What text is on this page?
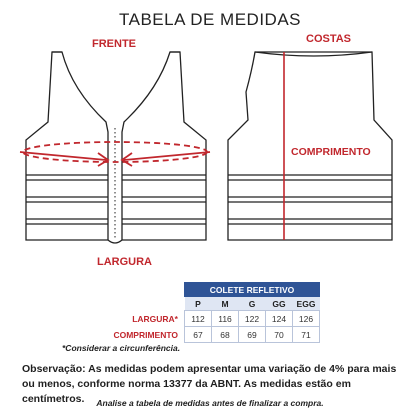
TABELA DE MEDIDAS
FRENTE	COSTAS
COMPRIMENTO
LARGURA
	COLETE REFLETIVO				
	P	M	G	GG	EGG
LARGURA*	112	116	122	124	126
COMPRIMENTO	67	68	69	70	71
*Considerar a circunferência.
Observação: As medidas podem apresentar uma variação de 4% para mais ou menos, conforme norma 13377 da ABNT. As medidas estão em centímetros.	Analise a tabela de medidas antes de finalizar a compra.
